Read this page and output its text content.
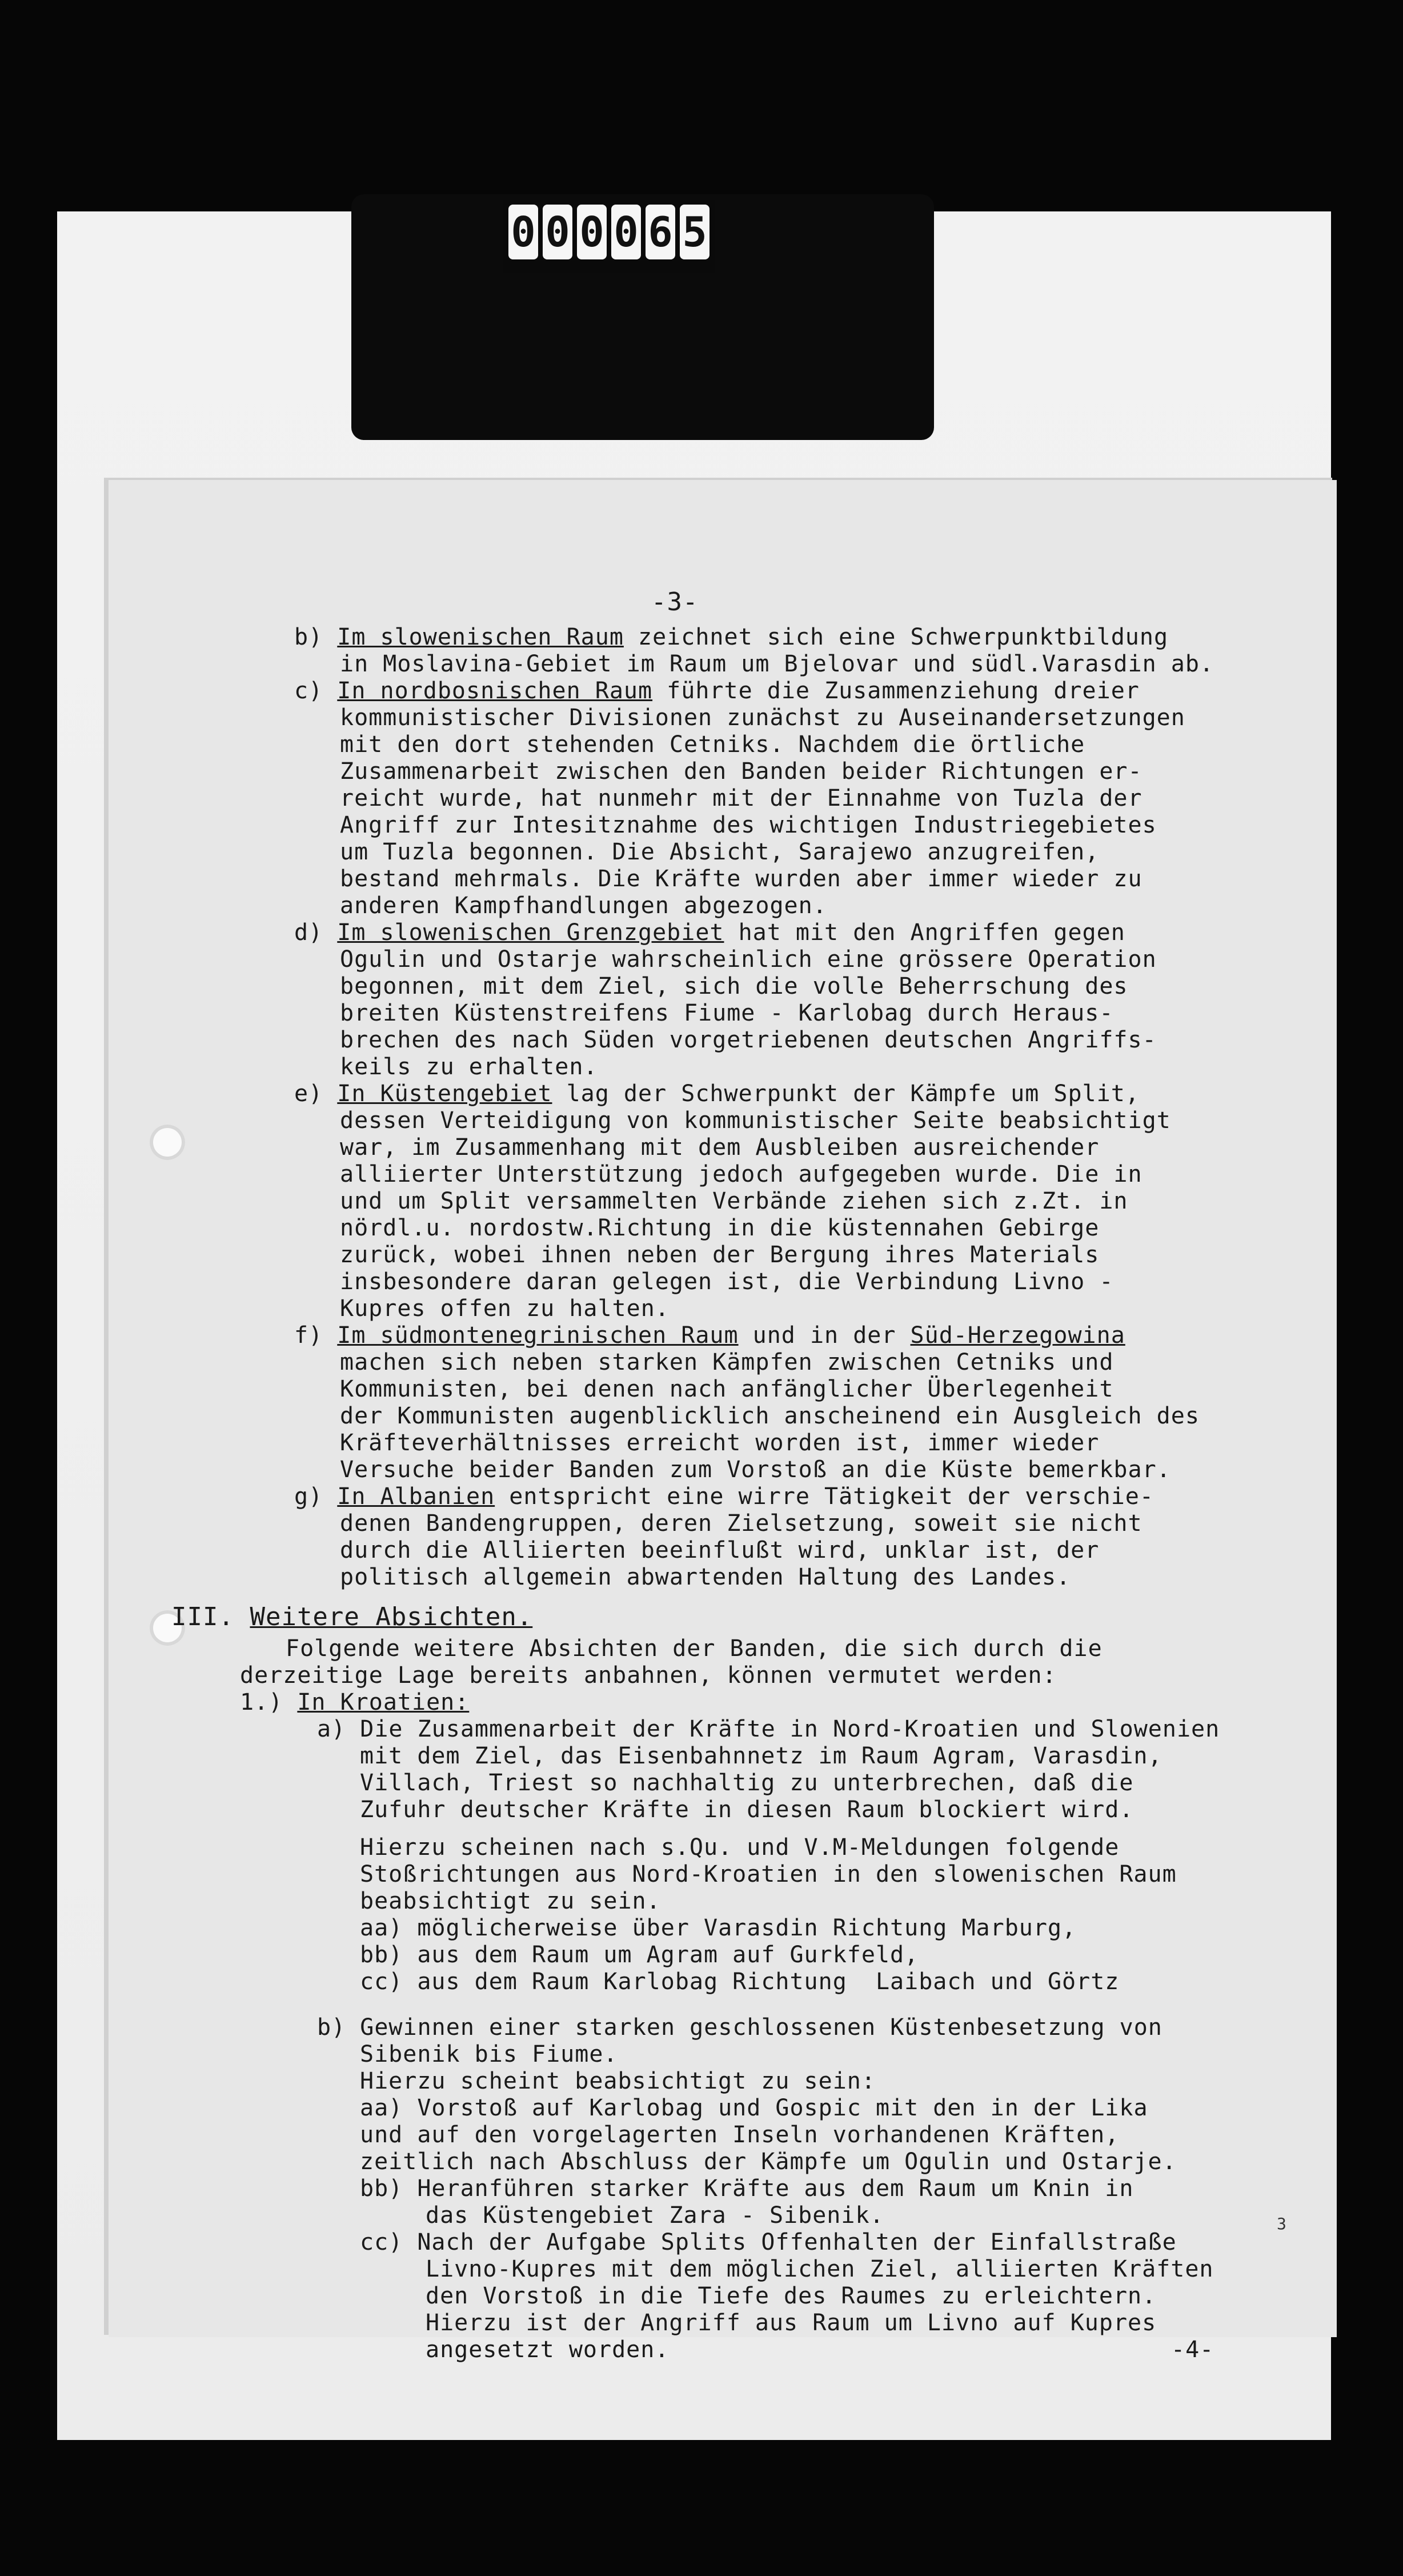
0 0 0 0 6 5
-3-
b) Im slowenischen Raum zeichnet sich eine Schwerpunktbildung
in Moslavina-Gebiet im Raum um Bjelovar und südl.Varasdin ab.
c) In nordbosnischen Raum führte die Zusammenziehung dreier
kommunistischer Divisionen zunächst zu Auseinandersetzungen
mit den dort stehenden Cetniks. Nachdem die örtliche
Zusammenarbeit zwischen den Banden beider Richtungen er-
reicht wurde, hat nunmehr mit der Einnahme von Tuzla der
Angriff zur Intesitznahme des wichtigen Industriegebietes
um Tuzla begonnen. Die Absicht, Sarajewo anzugreifen,
bestand mehrmals. Die Kräfte wurden aber immer wieder zu
anderen Kampfhandlungen abgezogen.
d) Im slowenischen Grenzgebiet hat mit den Angriffen gegen
Ogulin und Ostarje wahrscheinlich eine grössere Operation
begonnen, mit dem Ziel, sich die volle Beherrschung des
breiten Küstenstreifens Fiume - Karlobag durch Heraus-
brechen des nach Süden vorgetriebenen deutschen Angriffs-
keils zu erhalten.
e) In Küstengebiet lag der Schwerpunkt der Kämpfe um Split,
dessen Verteidigung von kommunistischer Seite beabsichtigt
war, im Zusammenhang mit dem Ausbleiben ausreichender
alliierter Unterstützung jedoch aufgegeben wurde. Die in
und um Split versammelten Verbände ziehen sich z.Zt. in
nördl.u. nordostw.Richtung in die küstennahen Gebirge
zurück, wobei ihnen neben der Bergung ihres Materials
insbesondere daran gelegen ist, die Verbindung Livno -
Kupres offen zu halten.
f) Im südmontenegrinischen Raum und in der Süd-Herzegowina
machen sich neben starken Kämpfen zwischen Cetniks und
Kommunisten, bei denen nach anfänglicher Überlegenheit
der Kommunisten augenblicklich anscheinend ein Ausgleich des
Kräfteverhältnisses erreicht worden ist, immer wieder
Versuche beider Banden zum Vorstoß an die Küste bemerkbar.
g) In Albanien entspricht eine wirre Tätigkeit der verschie-
denen Bandengruppen, deren Zielsetzung, soweit sie nicht
durch die Alliierten beeinflußt wird, unklar ist, der
politisch allgemein abwartenden Haltung des Landes.
III. Weitere Absichten.
Folgende weitere Absichten der Banden, die sich durch die
derzeitige Lage bereits anbahnen, können vermutet werden:
1.) In Kroatien:
a) Die Zusammenarbeit der Kräfte in Nord-Kroatien und Slowenien
mit dem Ziel, das Eisenbahnnetz im Raum Agram, Varasdin,
Villach, Triest so nachhaltig zu unterbrechen, daß die
Zufuhr deutscher Kräfte in diesen Raum blockiert wird.
Hierzu scheinen nach s.Qu. und V.M-Meldungen folgende
Stoßrichtungen aus Nord-Kroatien in den slowenischen Raum
beabsichtigt zu sein.
aa) möglicherweise über Varasdin Richtung Marburg,
bb) aus dem Raum um Agram auf Gurkfeld,
cc) aus dem Raum Karlobag Richtung  Laibach und Görtz
b) Gewinnen einer starken geschlossenen Küstenbesetzung von
Sibenik bis Fiume.
Hierzu scheint beabsichtigt zu sein:
aa) Vorstoß auf Karlobag und Gospic mit den in der Lika
und auf den vorgelagerten Inseln vorhandenen Kräften,
zeitlich nach Abschluss der Kämpfe um Ogulin und Ostarje.
bb) Heranführen starker Kräfte aus dem Raum um Knin in
das Küstengebiet Zara - Sibenik.
cc) Nach der Aufgabe Splits Offenhalten der Einfallstraße
Livno-Kupres mit dem möglichen Ziel, alliierten Kräften
den Vorstoß in die Tiefe des Raumes zu erleichtern.
Hierzu ist der Angriff aus Raum um Livno auf Kupres
angesetzt worden.	-4-
3
